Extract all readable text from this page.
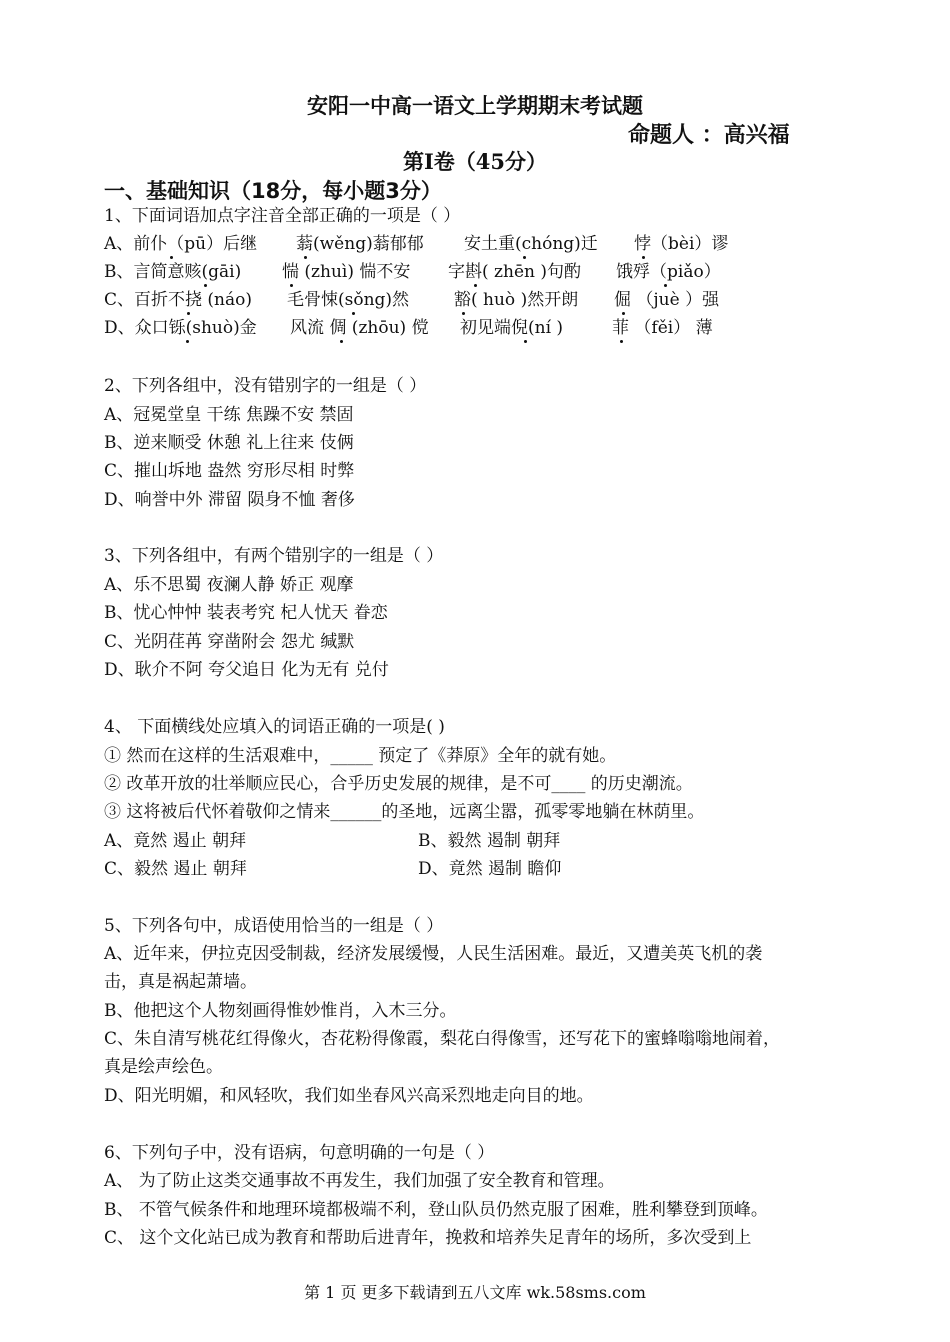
安阳一中高一语文上学期期末考试题
命题人 ：高兴福
第Ⅰ卷（45分）
一、基础知识（18分，每小题3分）
1、下面词语加点字注音全部正确的一项是（ ）
A、前仆（pū）后继 蓊(wěng)蓊郁郁 安土重(chóng)迁 悖（bèi）谬
B、言简意赅(gāi) 惴 (zhuì) 惴不安 字斟( zhēn )句酌 饿殍（piǎo）
C、百折不挠 (náo) 毛骨悚(sǒng)然	豁( huò )然开朗 倔 （juè ）强
D、众口铄(shuò)金 风流 倜 (zhōu) 傥 初见端倪(ní )	菲 （fěi） 薄
2、下列各组中，没有错别字的一组是（ ）
A、冠冕堂皇 干练 焦躁不安 禁固
B、逆来顺受 休憩 礼上往来 伎俩
C、摧山坼地 盎然 穷形尽相 时弊
D、响誉中外 滞留 陨身不恤 奢侈
3、下列各组中，有两个错别字的一组是（ ）
A、乐不思蜀 夜澜人静 娇正 观摩
B、忧心忡忡 装表考究 杞人忧天 眷恋
C、光阴荏苒 穿凿附会 怨尤 缄默
D、耿介不阿 夸父追日 化为无有 兑付
4、 下面横线处应填入的词语正确的一项是( )
① 然而在这样的生活艰难中，_____ 预定了《莽原》全年的就有她。
② 改革开放的壮举顺应民心，合乎历史发展的规律，是不可____ 的历史潮流。
③ 这将被后代怀着敬仰之情来______的圣地，远离尘嚣，孤零零地躺在林荫里。
A、竟然 遏止 朝拜	B、毅然 遏制 朝拜
C、毅然 遏止 朝拜	D、竟然 遏制 瞻仰
5、下列各句中，成语使用恰当的一组是（ ）
A、近年来，伊拉克因受制裁，经济发展缓慢，人民生活困难。最近，又遭美英飞机的袭
击，真是祸起萧墙。
B、他把这个人物刻画得惟妙惟肖，入木三分。
C、朱自清写桃花红得像火，杏花粉得像霞，梨花白得像雪，还写花下的蜜蜂嗡嗡地闹着，
真是绘声绘色。
D、阳光明媚，和风轻吹，我们如坐春风兴高采烈地走向目的地。
6、下列句子中，没有语病，句意明确的一句是（ ）
A、 为了防止这类交通事故不再发生，我们加强了安全教育和管理。
B、 不管气候条件和地理环境都极端不利，登山队员仍然克服了困难，胜利攀登到顶峰。
C、 这个文化站已成为教育和帮助后进青年，挽救和培养失足青年的场所，多次受到上
第 1 页 更多下载请到五八文库 wk.58sms.com
